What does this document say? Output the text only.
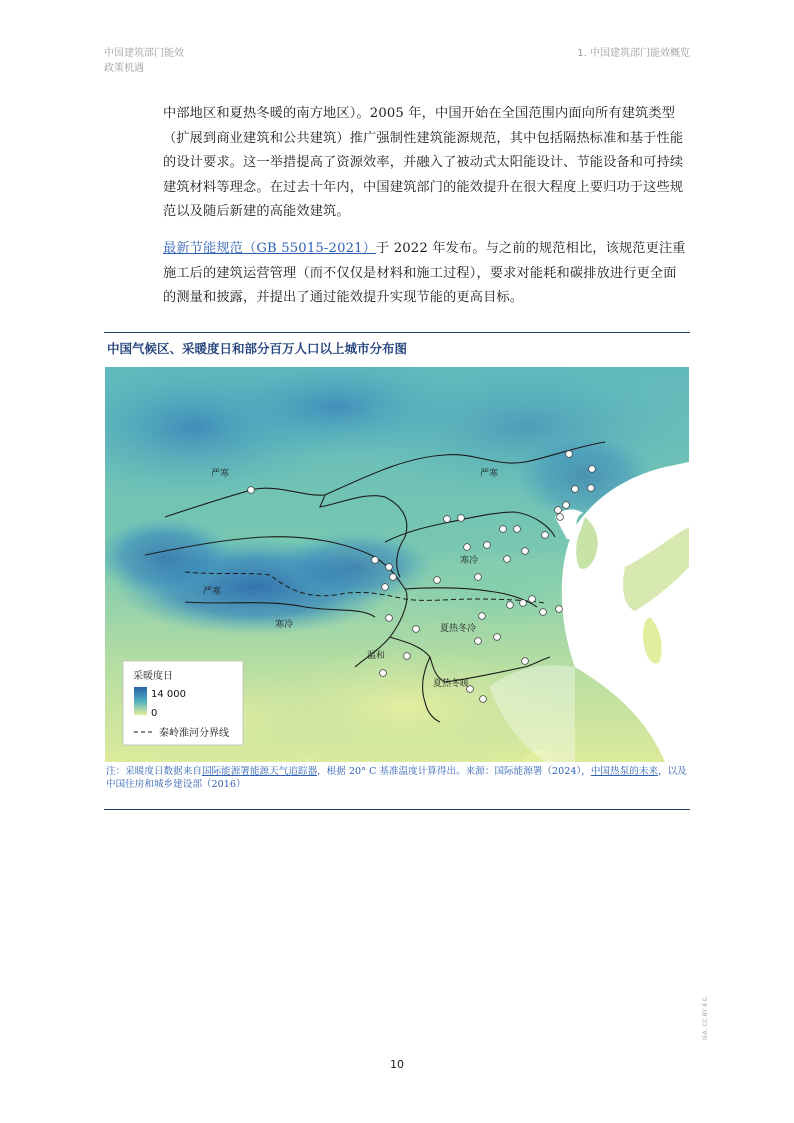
中国建筑部门能效
政策机遇
1. 中国建筑部门能效概览

中部地区和夏热冬暖的南方地区）。2005 年，中国开始在全国范围内面向所有建筑类型（扩展到商业建筑和公共建筑）推广强制性建筑能源规范，其中包括隔热标准和基于性能的设计要求。这一举措提高了资源效率，并融入了被动式太阳能设计、节能设备和可持续建筑材料等理念。在过去十年内，中国建筑部门的能效提升在很大程度上要归功于这些规范以及随后新建的高能效建筑。

最新节能规范（GB 55015-2021）于 2022 年发布。与之前的规范相比，该规范更注重施工后的建筑运营管理（而不仅仅是材料和施工过程），要求对能耗和碳排放进行更全面的测量和披露，并提出了通过能效提升实现节能的更高目标。

中国气候区、采暖度日和部分百万人口以上城市分布图
严寒	严寒
严寒
寒冷
寒冷	夏热冬冷
温和
夏热冬暖
采暖度日
14 000
0
秦岭淮河分界线

注：采暖度日数据来自国际能源署能源天气追踪器，根据 20° C 基准温度计算得出。来源：国际能源署（2024），中国热泵的未来，以及中国住房和城乡建设部（2016）

10
IEA. CC BY 4.0.
